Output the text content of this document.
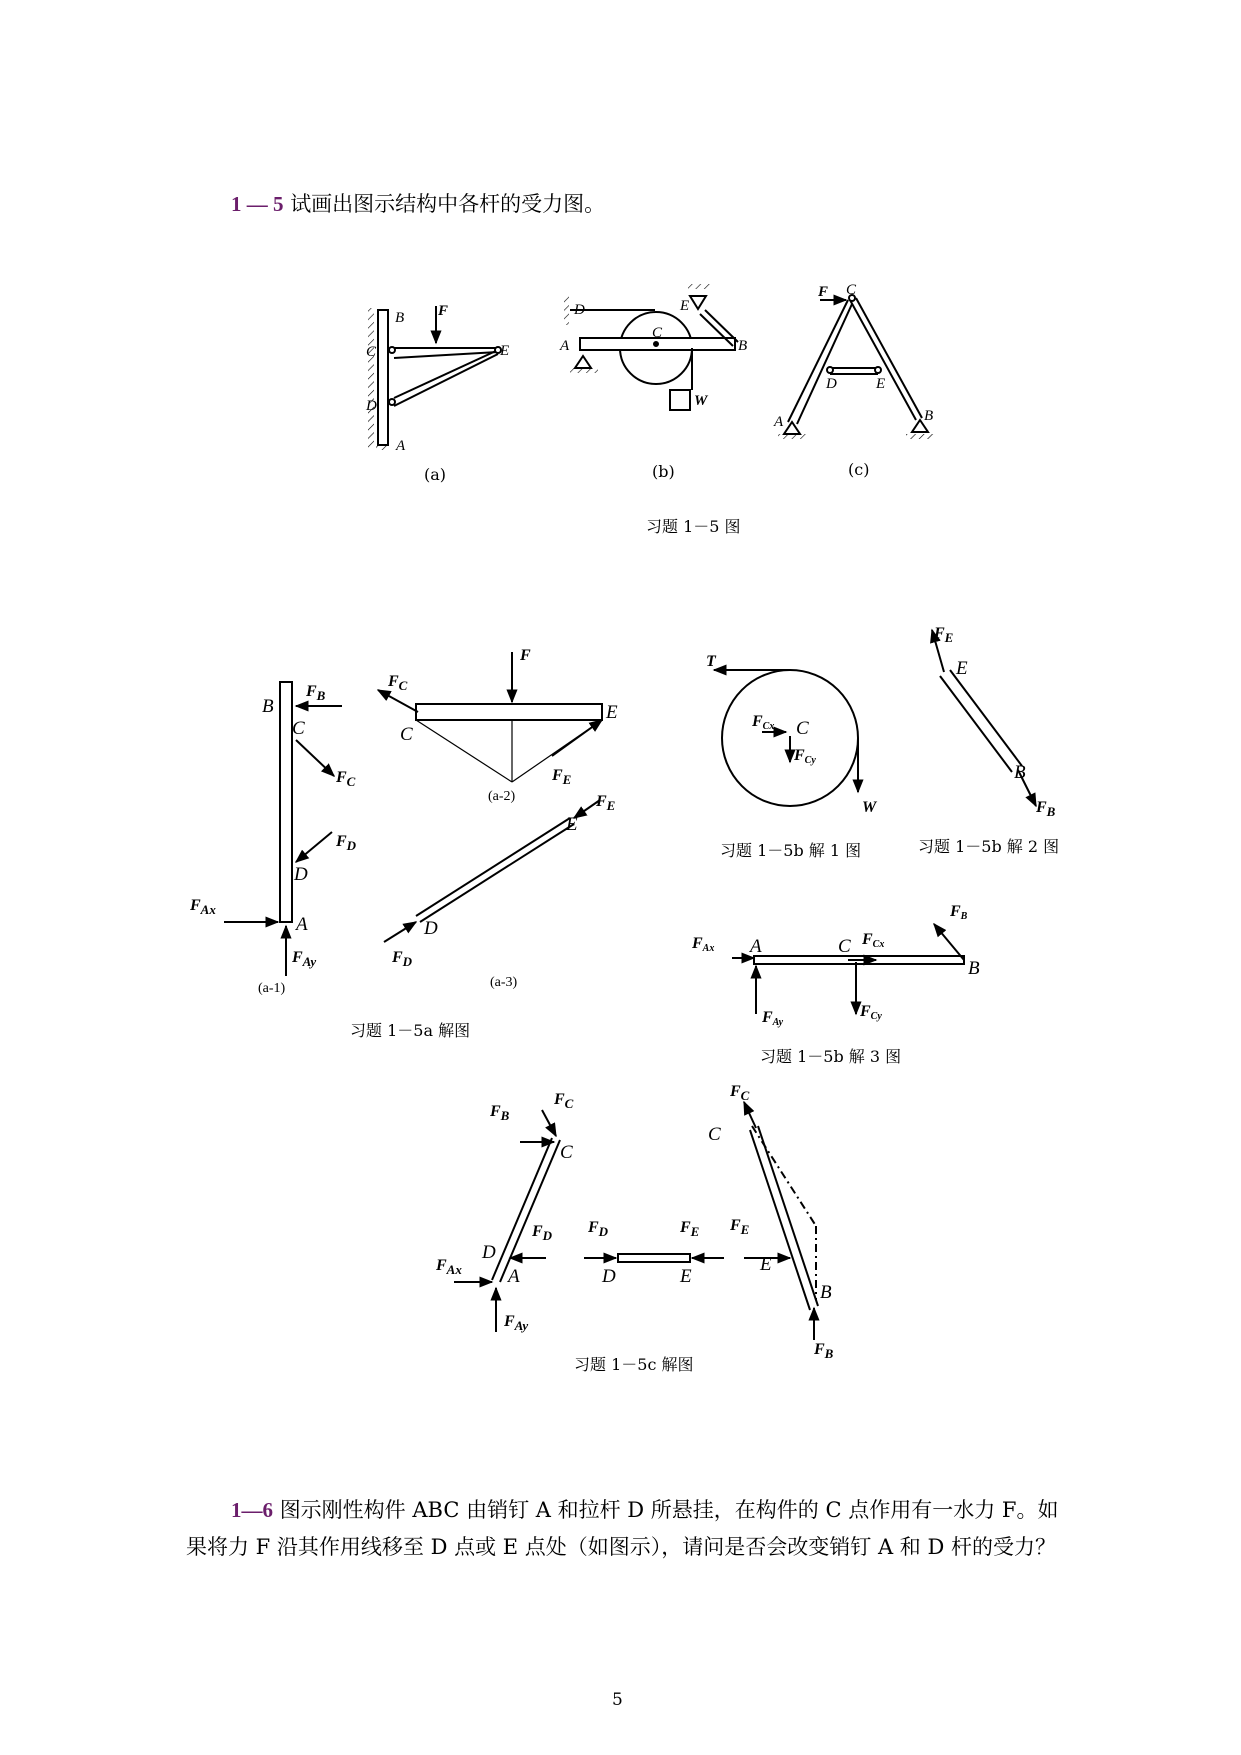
1 — 5 试画出图示结构中各杆的受力图。
B F
C	E
D
A
D
A
C
E
B
W
F C
D	E
A	B
B
$F_B$
C
$F_C$
$F_D$
D
$F_{Ax}$
A
$F_{Ay}$
(a-1)
F
$F_C$
C
E
$F_E$
(a-2)
E
$F_E$
D
$F_D$
(a-3)
T
FCx C
FCy
W
$F_E$
E
B
$F_B$
FAx A	C FCx
B
FB
FAy
FCy
$F_B$
$F_C$
C
$F_D$
D
$F_{Ax}$ A
$F_{Ay}$
$F_D$
D
$F_E$
E
$F_C$
C
$F_E$
E
B
$F_B$
(a)	(b)	(c)
习题 1－5 图
习题 1－5a 解图
习题 1－5b 解 1 图	习题 1－5b 解 2 图
习题 1－5b 解 3 图
习题 1－5c 解图
1—6 图示刚性构件 ABC 由销钉 A 和拉杆 D 所悬挂，在构件的 C 点作用有一水力 F。如果将力 F 沿其作用线移至 D 点或 E 点处（如图示），请问是否会改变销钉 A 和 D 杆的受力？
5
